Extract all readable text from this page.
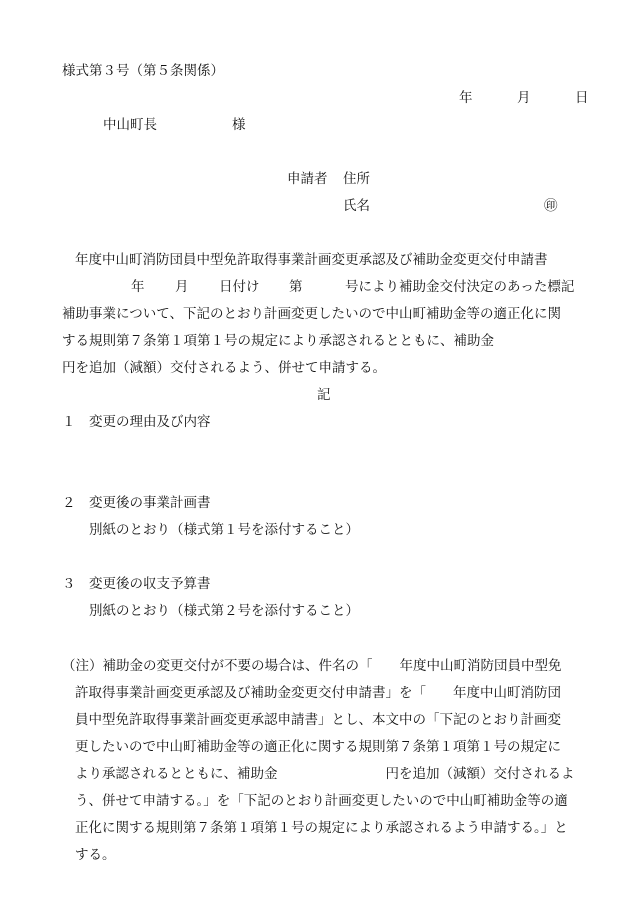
様式第３号（第５条関係）

年	月	日

中山町長	様

申請者 住所

氏名	㊞

年度中山町消防団員中型免許取得事業計画変更承認及び補助金変更交付申請書

年 月 日付け 第	号により補助金交付決定のあった標記

補助事業について、下記のとおり計画変更したいので中山町補助金等の適正化に関

する規則第７条第１項第１号の規定により承認されるとともに、補助金

円を追加（減額）交付されるよう、併せて申請する。

記

１ 変更の理由及び内容

２ 変更後の事業計画書

別紙のとおり（様式第１号を添付すること）

３ 変更後の収支予算書

別紙のとおり（様式第２号を添付すること）

（注）補助金の変更交付が不要の場合は、件名の「　　年度中山町消防団員中型免

許取得事業計画変更承認及び補助金変更交付申請書」を「　　年度中山町消防団

員中型免許取得事業計画変更承認申請書」とし、本文中の「下記のとおり計画変

更したいので中山町補助金等の適正化に関する規則第７条第１項第１号の規定に

より承認されるとともに、補助金　　　　　　　　円を追加（減額）交付されるよ

う、併せて申請する。」を「下記のとおり計画変更したいので中山町補助金等の適

正化に関する規則第７条第１項第１号の規定により承認されるよう申請する。」と

する。
